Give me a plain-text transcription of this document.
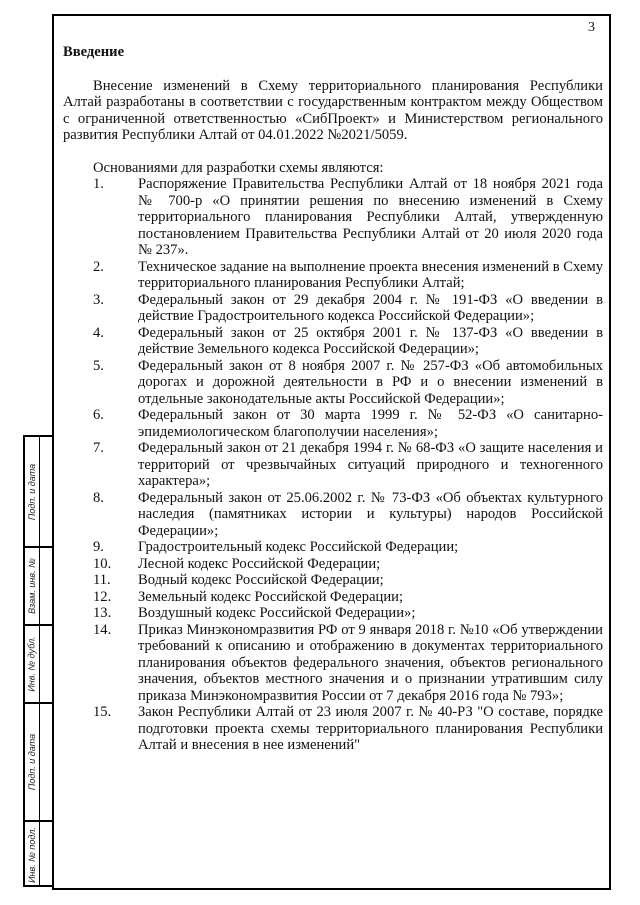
3
Введение

Внесение изменений в Схему территориального планирования Республики Алтай разработаны в соответствии с государственным контрактом между Обществом с ограниченной ответственностью «СибПроект» и Министерством регионального развития Республики Алтай от 04.01.2022 №2021/5059.

Основаниями для разработки схемы являются:
1. Распоряжение Правительства Республики Алтай от 18 ноября 2021 года № 700-р «О принятии решения по внесению изменений в Схему территориального планирования Республики Алтай, утвержденную постановлением Правительства Республики Алтай от 20 июля 2020 года № 237».
2. Техническое задание на выполнение проекта внесения изменений в Схему территориального планирования Республики Алтай;
3. Федеральный закон от 29 декабря 2004 г. № 191-ФЗ «О введении в действие Градостроительного кодекса Российской Федерации»;
4. Федеральный закон от 25 октября 2001 г. № 137-ФЗ «О введении в действие Земельного кодекса Российской Федерации»;
5. Федеральный закон от 8 ноября 2007 г. № 257-ФЗ «Об автомобильных дорогах и дорожной деятельности в РФ и о внесении изменений в отдельные законодательные акты Российской Федерации»;
6. Федеральный закон от 30 марта 1999 г. № 52-ФЗ «О санитарно-эпидемиологическом благополучии населения»;
7. Федеральный закон от 21 декабря 1994 г. № 68-ФЗ «О защите населения и территорий от чрезвычайных ситуаций природного и техногенного характера»;
8. Федеральный закон от 25.06.2002 г. № 73-ФЗ «Об объектах культурного наследия (памятниках истории и культуры) народов Российской Федерации»;
9. Градостроительный кодекс Российской Федерации;
10. Лесной кодекс Российской Федерации;
11. Водный кодекс Российской Федерации;
12. Земельный кодекс Российской Федерации;
13. Воздушный кодекс Российской Федерации»;
14. Приказ Минэкономразвития РФ от 9 января 2018 г. №10 «Об утверждении требований к описанию и отображению в документах территориального планирования объектов федерального значения, объектов регионального значения, объектов местного значения и о признании утратившим силу приказа Минэкономразвития России от 7 декабря 2016 года № 793»;
15. Закон Республики Алтай от 23 июля 2007 г. № 40-РЗ "О составе, порядке подготовки проекта схемы территориального планирования Республики Алтай и внесения в нее изменений"
Подп. и дата
Взам. инв. №
Инв. № дубл.
Подп. и дата
Инв. № подл.
